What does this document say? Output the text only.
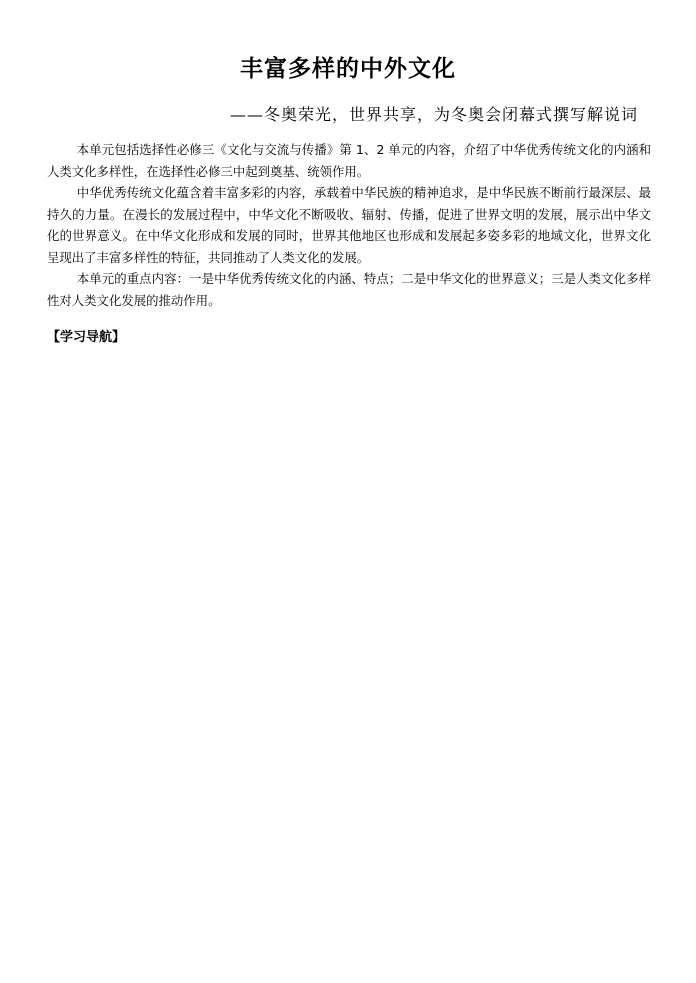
丰富多样的中外文化

——冬奥荣光，世界共享，为冬奥会闭幕式撰写解说词

本单元包括选择性必修三《文化与交流与传播》第 1、2 单元的内容，介绍了中华优秀传统文化的内涵和人类文化多样性，在选择性必修三中起到奠基、统领作用。

中华优秀传统文化蕴含着丰富多彩的内容，承载着中华民族的精神追求，是中华民族不断前行最深层、最持久的力量。在漫长的发展过程中，中华文化不断吸收、辐射、传播，促进了世界文明的发展，展示出中华文化的世界意义。在中华文化形成和发展的同时，世界其他地区也形成和发展起多姿多彩的地域文化，世界文化呈现出了丰富多样性的特征，共同推动了人类文化的发展。

本单元的重点内容：一是中华优秀传统文化的内涵、特点；二是中华文化的世界意义；三是人类文化多样性对人类文化发展的推动作用。

【学习导航】
